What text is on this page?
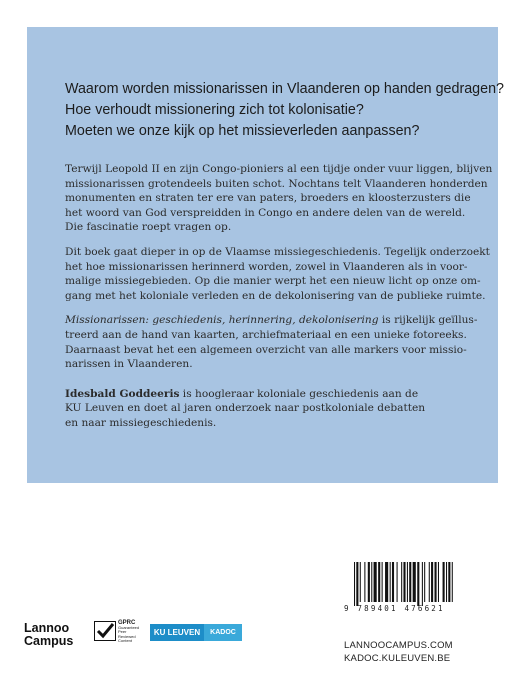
Waarom worden missionarissen in Vlaanderen op handen gedragen?
Hoe verhoudt missionering zich tot kolonisatie?
Moeten we onze kijk op het missieverleden aanpassen?

Terwijl Leopold II en zijn Congo-pioniers al een tijdje onder vuur liggen, blijven
missionarissen grotendeels buiten schot. Nochtans telt Vlaanderen honderden
monumenten en straten ter ere van paters, broeders en kloosterzusters die
het woord van God verspreidden in Congo en andere delen van de wereld.
Die fascinatie roept vragen op.

Dit boek gaat dieper in op de Vlaamse missiegeschiedenis. Tegelijk onderzoekt
het hoe missionarissen herinnerd worden, zowel in Vlaanderen als in voor-
malige missiegebieden. Op die manier werpt het een nieuw licht op onze om-
gang met het koloniale verleden en de dekolonisering van de publieke ruimte.

Missionarissen: geschiedenis, herinnering, dekolonisering is rijkelijk geïllus-
treerd aan de hand van kaarten, archiefmateriaal en een unieke fotoreeks.
Daarnaast bevat het een algemeen overzicht van alle markers voor missio-
narissen in Vlaanderen.

Idesbald Goddeeris is hoogleraar koloniale geschiedenis aan de
KU Leuven en doet al jaren onderzoek naar postkoloniale debatten
en naar missiegeschiedenis.

9 789401 476621
LANNOOCAMPUS.COM
KADOC.KULEUVEN.BE
Lannoo
Campus
GPRC
Guaranteed Peer Reviewed Content
KU LEUVEN	KADOC
